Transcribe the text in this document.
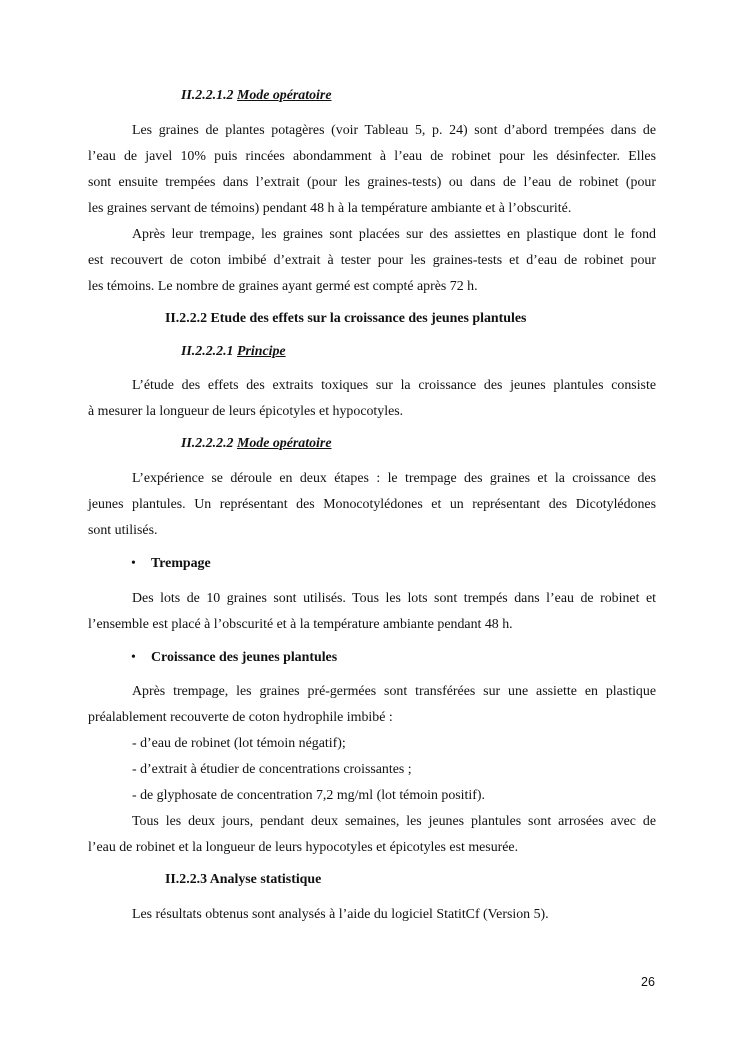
II.2.2.1.2 Mode opératoire
Les graines de plantes potagères (voir Tableau 5, p. 24) sont d’abord trempées dans de
l’eau de javel 10% puis rincées abondamment à l’eau de robinet pour les désinfecter. Elles
sont ensuite trempées dans l’extrait (pour les graines-tests) ou dans de l’eau de robinet (pour
les graines servant de témoins) pendant 48 h à la température ambiante et à l’obscurité.
Après leur trempage, les graines sont placées sur des assiettes en plastique dont le fond
est recouvert de coton imbibé d’extrait à tester pour les graines-tests et d’eau de robinet pour
les témoins. Le nombre de graines ayant germé est compté après 72 h.
II.2.2.2 Etude des effets sur la croissance des jeunes plantules
II.2.2.2.1 Principe
L’étude des effets des extraits toxiques sur la croissance des jeunes plantules consiste
à mesurer la longueur de leurs épicotyles et hypocotyles.
II.2.2.2.2 Mode opératoire
L’expérience se déroule en deux étapes : le trempage des graines et la croissance des
jeunes plantules. Un représentant des Monocotylédones et un représentant des Dicotylédones
sont utilisés.
• Trempage
Des lots de 10 graines sont utilisés. Tous les lots sont trempés dans l’eau de robinet et
l’ensemble est placé à l’obscurité et à la température ambiante pendant 48 h.
• Croissance des jeunes plantules
Après trempage, les graines pré-germées sont transférées sur une assiette en plastique
préalablement recouverte de coton hydrophile imbibé :
- d’eau de robinet (lot témoin négatif);
- d’extrait à étudier de concentrations croissantes ;
- de glyphosate de concentration 7,2 mg/ml (lot témoin positif).
Tous les deux jours, pendant deux semaines, les jeunes plantules sont arrosées avec de
l’eau de robinet et la longueur de leurs hypocotyles et épicotyles est mesurée.
II.2.2.3 Analyse statistique
Les résultats obtenus sont analysés à l’aide du logiciel StatitCf (Version 5).
26
